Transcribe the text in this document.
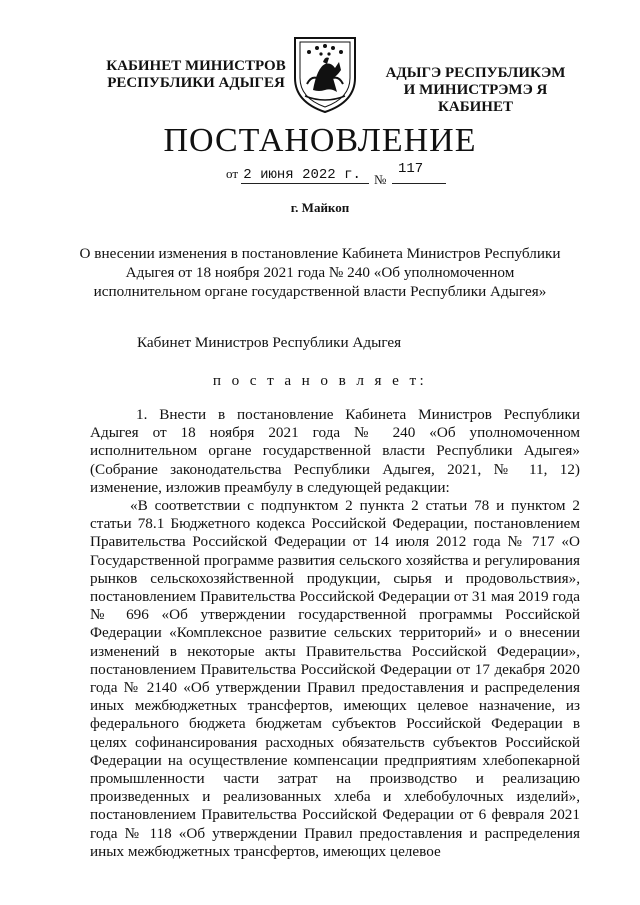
КАБИНЕТ МИНИСТРОВ
РЕСПУБЛИКИ АДЫГЕЯ
АДЫГЭ РЕСПУБЛИКЭМ
И МИНИСТРЭМЭ Я КАБИНЕТ
ПОСТАНОВЛЕНИЕ
от 2 июня 2022 г.	№
117
г. Майкоп
О внесении изменения в постановление Кабинета Министров Республики Адыгея от 18 ноября 2021 года № 240 «Об уполномоченном исполнительном органе государственной власти Республики Адыгея»
Кабинет Министров Республики Адыгея
п о с т а н о в л я е т:

1. Внести в постановление Кабинета Министров Республики Адыгея от 18 ноября 2021 года № 240 «Об уполномоченном исполнительном органе государственной власти Республики Адыгея» (Собрание законодательства Республики Адыгея, 2021, № 11, 12) изменение, изложив преамбулу в следующей редакции:

«В соответствии с подпунктом 2 пункта 2 статьи 78 и пунктом 2 статьи 78.1 Бюджетного кодекса Российской Федерации, постановлением Правительства Российской Федерации от 14 июля 2012 года № 717 «О Государственной программе развития сельского хозяйства и регулирования рынков сельскохозяйственной продукции, сырья и продовольствия», постановлением Правительства Российской Федерации от 31 мая 2019 года № 696 «Об утверждении государственной программы Российской Федерации «Комплексное развитие сельских территорий» и о внесении изменений в некоторые акты Правительства Российской Федерации», постановлением Правительства Российской Федерации от 17 декабря 2020 года № 2140 «Об утверждении Правил предоставления и распределения иных межбюджетных трансфертов, имеющих целевое назначение, из федерального бюджета бюджетам субъектов Российской Федерации в целях софинансирования расходных обязательств субъектов Российской Федерации на осуществление компенсации предприятиям хлебопекарной промышленности части затрат на производство и реализацию произведенных и реализованных хлеба и хлебобулочных изделий», постановлением Правительства Российской Федерации от 6 февраля 2021 года № 118 «Об утверждении Правил предоставления и распределения иных межбюджетных трансфертов, имеющих целевое
